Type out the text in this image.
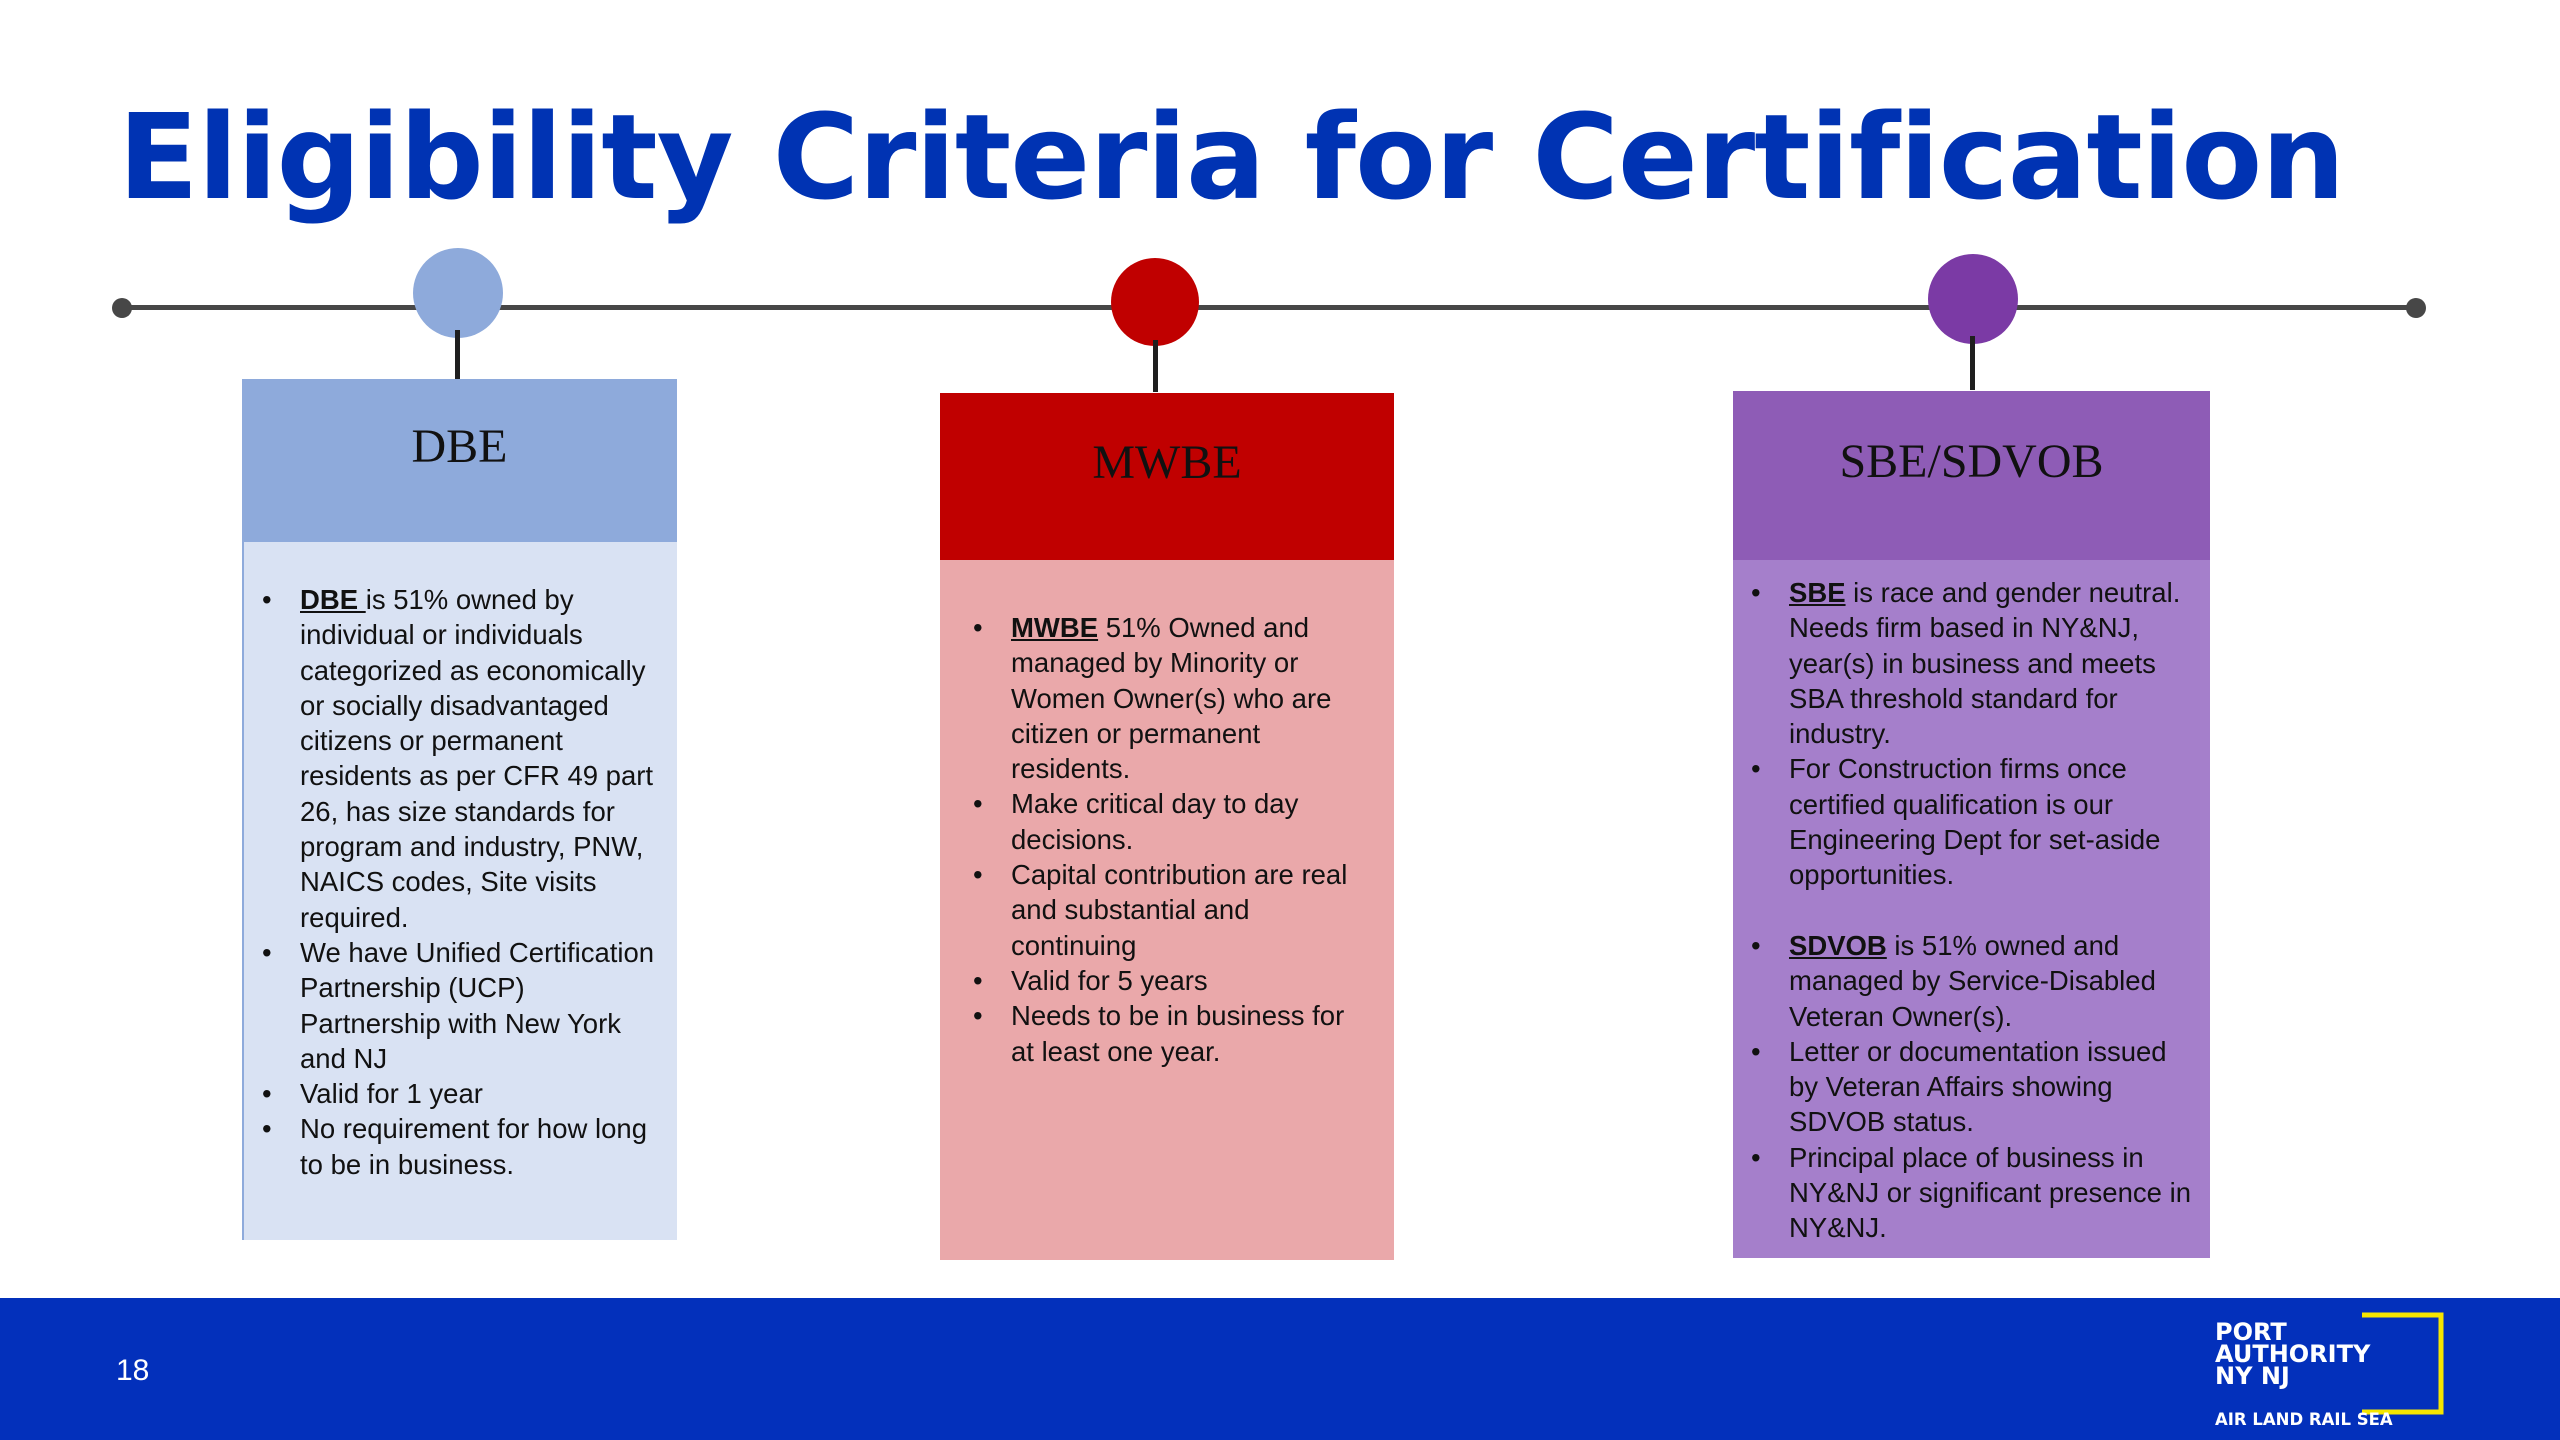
Eligibility Criteria for Certification
DBE
• DBE is 51% owned by individual or individuals categorized as economically or socially disadvantaged citizens or permanent residents as per CFR 49 part 26, has size standards for program and industry, PNW, NAICS codes, Site visits required.
• We have Unified Certification Partnership (UCP) Partnership with New York and NJ
• Valid for 1 year
• No requirement for how long to be in business.
MWBE
• MWBE 51% Owned and managed by Minority or Women Owner(s) who are citizen or permanent residents.
• Make critical day to day decisions.
• Capital contribution are real and substantial and continuing
• Valid for 5 years
• Needs to be in business for at least one year.
SBE/SDVOB
• SBE is race and gender neutral. Needs firm based in NY&NJ, year(s) in business and meets SBA threshold standard for industry.
• For Construction firms once certified qualification is our Engineering Dept for set-aside opportunities.
• SDVOB is 51% owned and managed by Service-Disabled Veteran Owner(s).
• Letter or documentation issued by Veteran Affairs showing SDVOB status.
• Principal place of business in NY&NJ or significant presence in NY&NJ.
18
PORT
AUTHORITY
NY NJ
AIR LAND RAIL SEA
